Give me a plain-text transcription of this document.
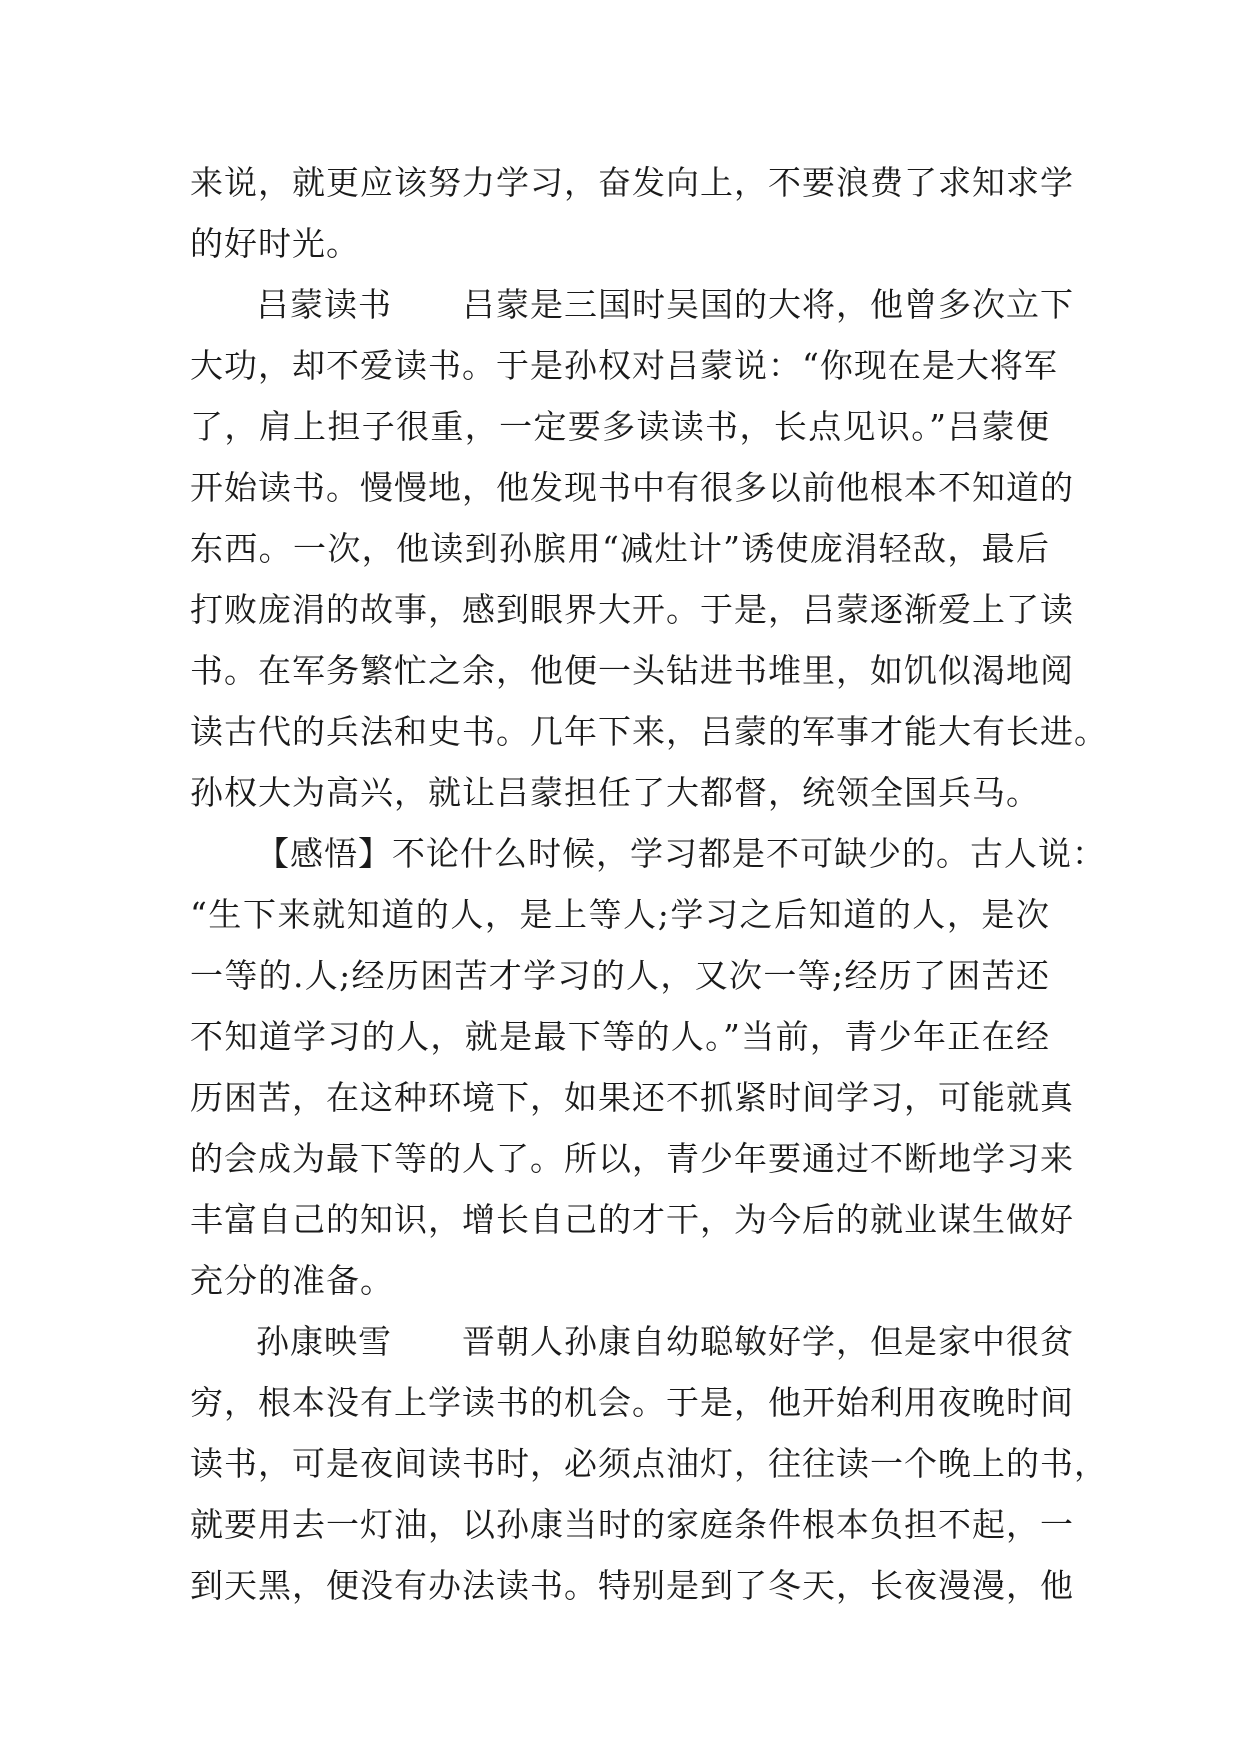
来说，就更应该努力学习，奋发向上，不要浪费了求知求学
的好时光。
吕蒙读书 吕蒙是三国时吴国的大将，他曾多次立下
大功，却不爱读书。于是孙权对吕蒙说：“你现在是大将军
了，肩上担子很重，一定要多读读书，长点见识。”吕蒙便
开始读书。慢慢地，他发现书中有很多以前他根本不知道的
东西。一次，他读到孙膑用“减灶计”诱使庞涓轻敌，最后
打败庞涓的故事，感到眼界大开。于是，吕蒙逐渐爱上了读
书。在军务繁忙之余，他便一头钻进书堆里，如饥似渴地阅
读古代的兵法和史书。几年下来，吕蒙的军事才能大有长进。
孙权大为高兴，就让吕蒙担任了大都督，统领全国兵马。
【感悟】不论什么时候，学习都是不可缺少的。古人说：
“生下来就知道的人，是上等人;学习之后知道的人，是次
一等的.人;经历困苦才学习的人，又次一等;经历了困苦还
不知道学习的人，就是最下等的人。”当前，青少年正在经
历困苦，在这种环境下，如果还不抓紧时间学习，可能就真
的会成为最下等的人了。所以，青少年要通过不断地学习来
丰富自己的知识，增长自己的才干，为今后的就业谋生做好
充分的准备。
孙康映雪 晋朝人孙康自幼聪敏好学，但是家中很贫
穷，根本没有上学读书的机会。于是，他开始利用夜晚时间
读书，可是夜间读书时，必须点油灯，往往读一个晚上的书，
就要用去一灯油，以孙康当时的家庭条件根本负担不起，一
到天黑，便没有办法读书。特别是到了冬天，长夜漫漫，他
